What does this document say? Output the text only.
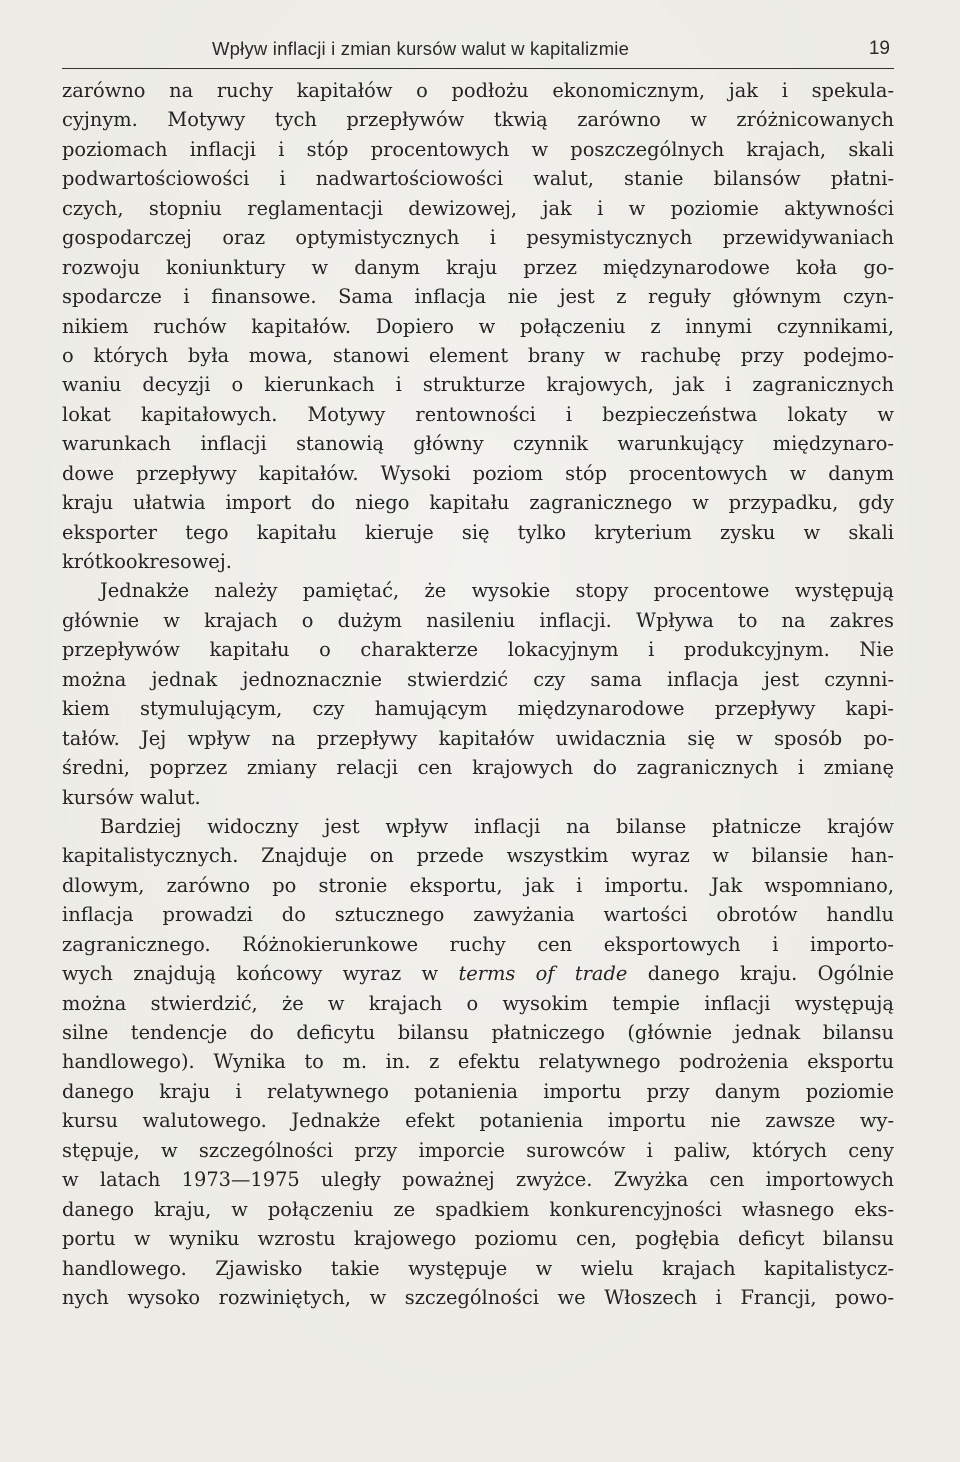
Wpływ inflacji i zmian kursów walut w kapitalizmie	19
zarówno na ruchy kapitałów o podłożu ekonomicznym, jak i spekula-
cyjnym. Motywy tych przepływów tkwią zarówno w zróżnicowanych
poziomach inflacji i stóp procentowych w poszczególnych krajach, skali
podwartościowości i nadwartościowości walut, stanie bilansów płatni-
czych, stopniu reglamentacji dewizowej, jak i w poziomie aktywności
gospodarczej oraz optymistycznych i pesymistycznych przewidywaniach
rozwoju koniunktury w danym kraju przez międzynarodowe koła go-
spodarcze i finansowe. Sama inflacja nie jest z reguły głównym czyn-
nikiem ruchów kapitałów. Dopiero w połączeniu z innymi czynnikami,
o których była mowa, stanowi element brany w rachubę przy podejmo-
waniu decyzji o kierunkach i strukturze krajowych, jak i zagranicznych
lokat kapitałowych. Motywy rentowności i bezpieczeństwa lokaty w
warunkach inflacji stanowią główny czynnik warunkujący międzynaro-
dowe przepływy kapitałów. Wysoki poziom stóp procentowych w danym
kraju ułatwia import do niego kapitału zagranicznego w przypadku, gdy
eksporter tego kapitału kieruje się tylko kryterium zysku w skali
krótkookresowej.
Jednakże należy pamiętać, że wysokie stopy procentowe występują
głównie w krajach o dużym nasileniu inflacji. Wpływa to na zakres
przepływów kapitału o charakterze lokacyjnym i produkcyjnym. Nie
można jednak jednoznacznie stwierdzić czy sama inflacja jest czynni-
kiem stymulującym, czy hamującym międzynarodowe przepływy kapi-
tałów. Jej wpływ na przepływy kapitałów uwidacznia się w sposób po-
średni, poprzez zmiany relacji cen krajowych do zagranicznych i zmianę
kursów walut.
Bardziej widoczny jest wpływ inflacji na bilanse płatnicze krajów
kapitalistycznych. Znajduje on przede wszystkim wyraz w bilansie han-
dlowym, zarówno po stronie eksportu, jak i importu. Jak wspomniano,
inflacja prowadzi do sztucznego zawyżania wartości obrotów handlu
zagranicznego. Różnokierunkowe ruchy cen eksportowych i importo-
wych znajdują końcowy wyraz w terms of trade danego kraju. Ogólnie
można stwierdzić, że w krajach o wysokim tempie inflacji występują
silne tendencje do deficytu bilansu płatniczego (głównie jednak bilansu
handlowego). Wynika to m. in. z efektu relatywnego podrożenia eksportu
danego kraju i relatywnego potanienia importu przy danym poziomie
kursu walutowego. Jednakże efekt potanienia importu nie zawsze wy-
stępuje, w szczególności przy imporcie surowców i paliw, których ceny
w latach 1973—1975 uległy poważnej zwyżce. Zwyżka cen importowych
danego kraju, w połączeniu ze spadkiem konkurencyjności własnego eks-
portu w wyniku wzrostu krajowego poziomu cen, pogłębia deficyt bilansu
handlowego. Zjawisko takie występuje w wielu krajach kapitalistycz-
nych wysoko rozwiniętych, w szczególności we Włoszech i Francji, powo-
